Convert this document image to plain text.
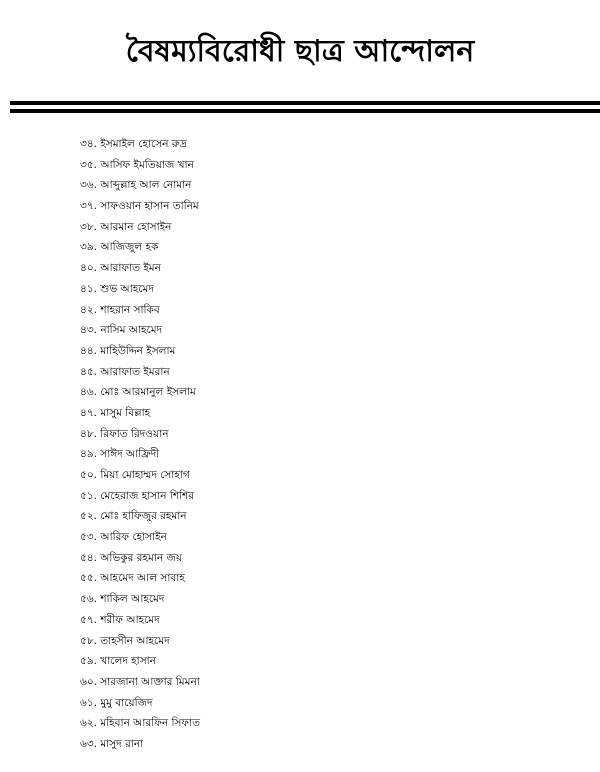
বৈষম্যবিরোধী ছাত্র আন্দোলন
৩৪. ইসমাইল হোসেন রুদ্র
৩৫. আসিফ ইমতিয়াজ খান
৩৬. আব্দুল্লাহ আল নোমান
৩৭. সাফওয়ান হাসান তানিম
৩৮. আরমান হোসাইন
৩৯. আজিজুল হক
৪০. আরাফাত ইমন
৪১. শুভ আহমেদ
৪২. শাহরান সাকিব
৪৩. নাসিম আহমেদ
৪৪. মাহিউদ্দিন ইসলাম
৪৫. আরাফাত ইমরান
৪৬. মোঃ আরমানুল ইসলাম
৪৭. মাসুম বিল্লাহ
৪৮. রিফাত রিদওয়ান
৪৯. সাঈদ আফ্রিদী
৫০. মিয়া মোহাম্মদ সোহাগ
৫১. মেহেরাজ হাসান শিশির
৫২. মোঃ হাফিজুর রহমান
৫৩. আরিফ হোসাইন
৫৪. অভিকুর রহমান জয়
৫৫. আহমেদ আল সাবাহ
৫৬. শাকিল আহমেদ
৫৭. শরীফ আহমেদ
৫৮. তাহসীন আহমেদ
৫৯. খালেদ হাসান
৬০. সারজানা আক্তার মিমনা
৬১. মুমু বায়েজিদ
৬২. মহিবান আরফিন সিফাত
৬৩. মাসুদ রানা
